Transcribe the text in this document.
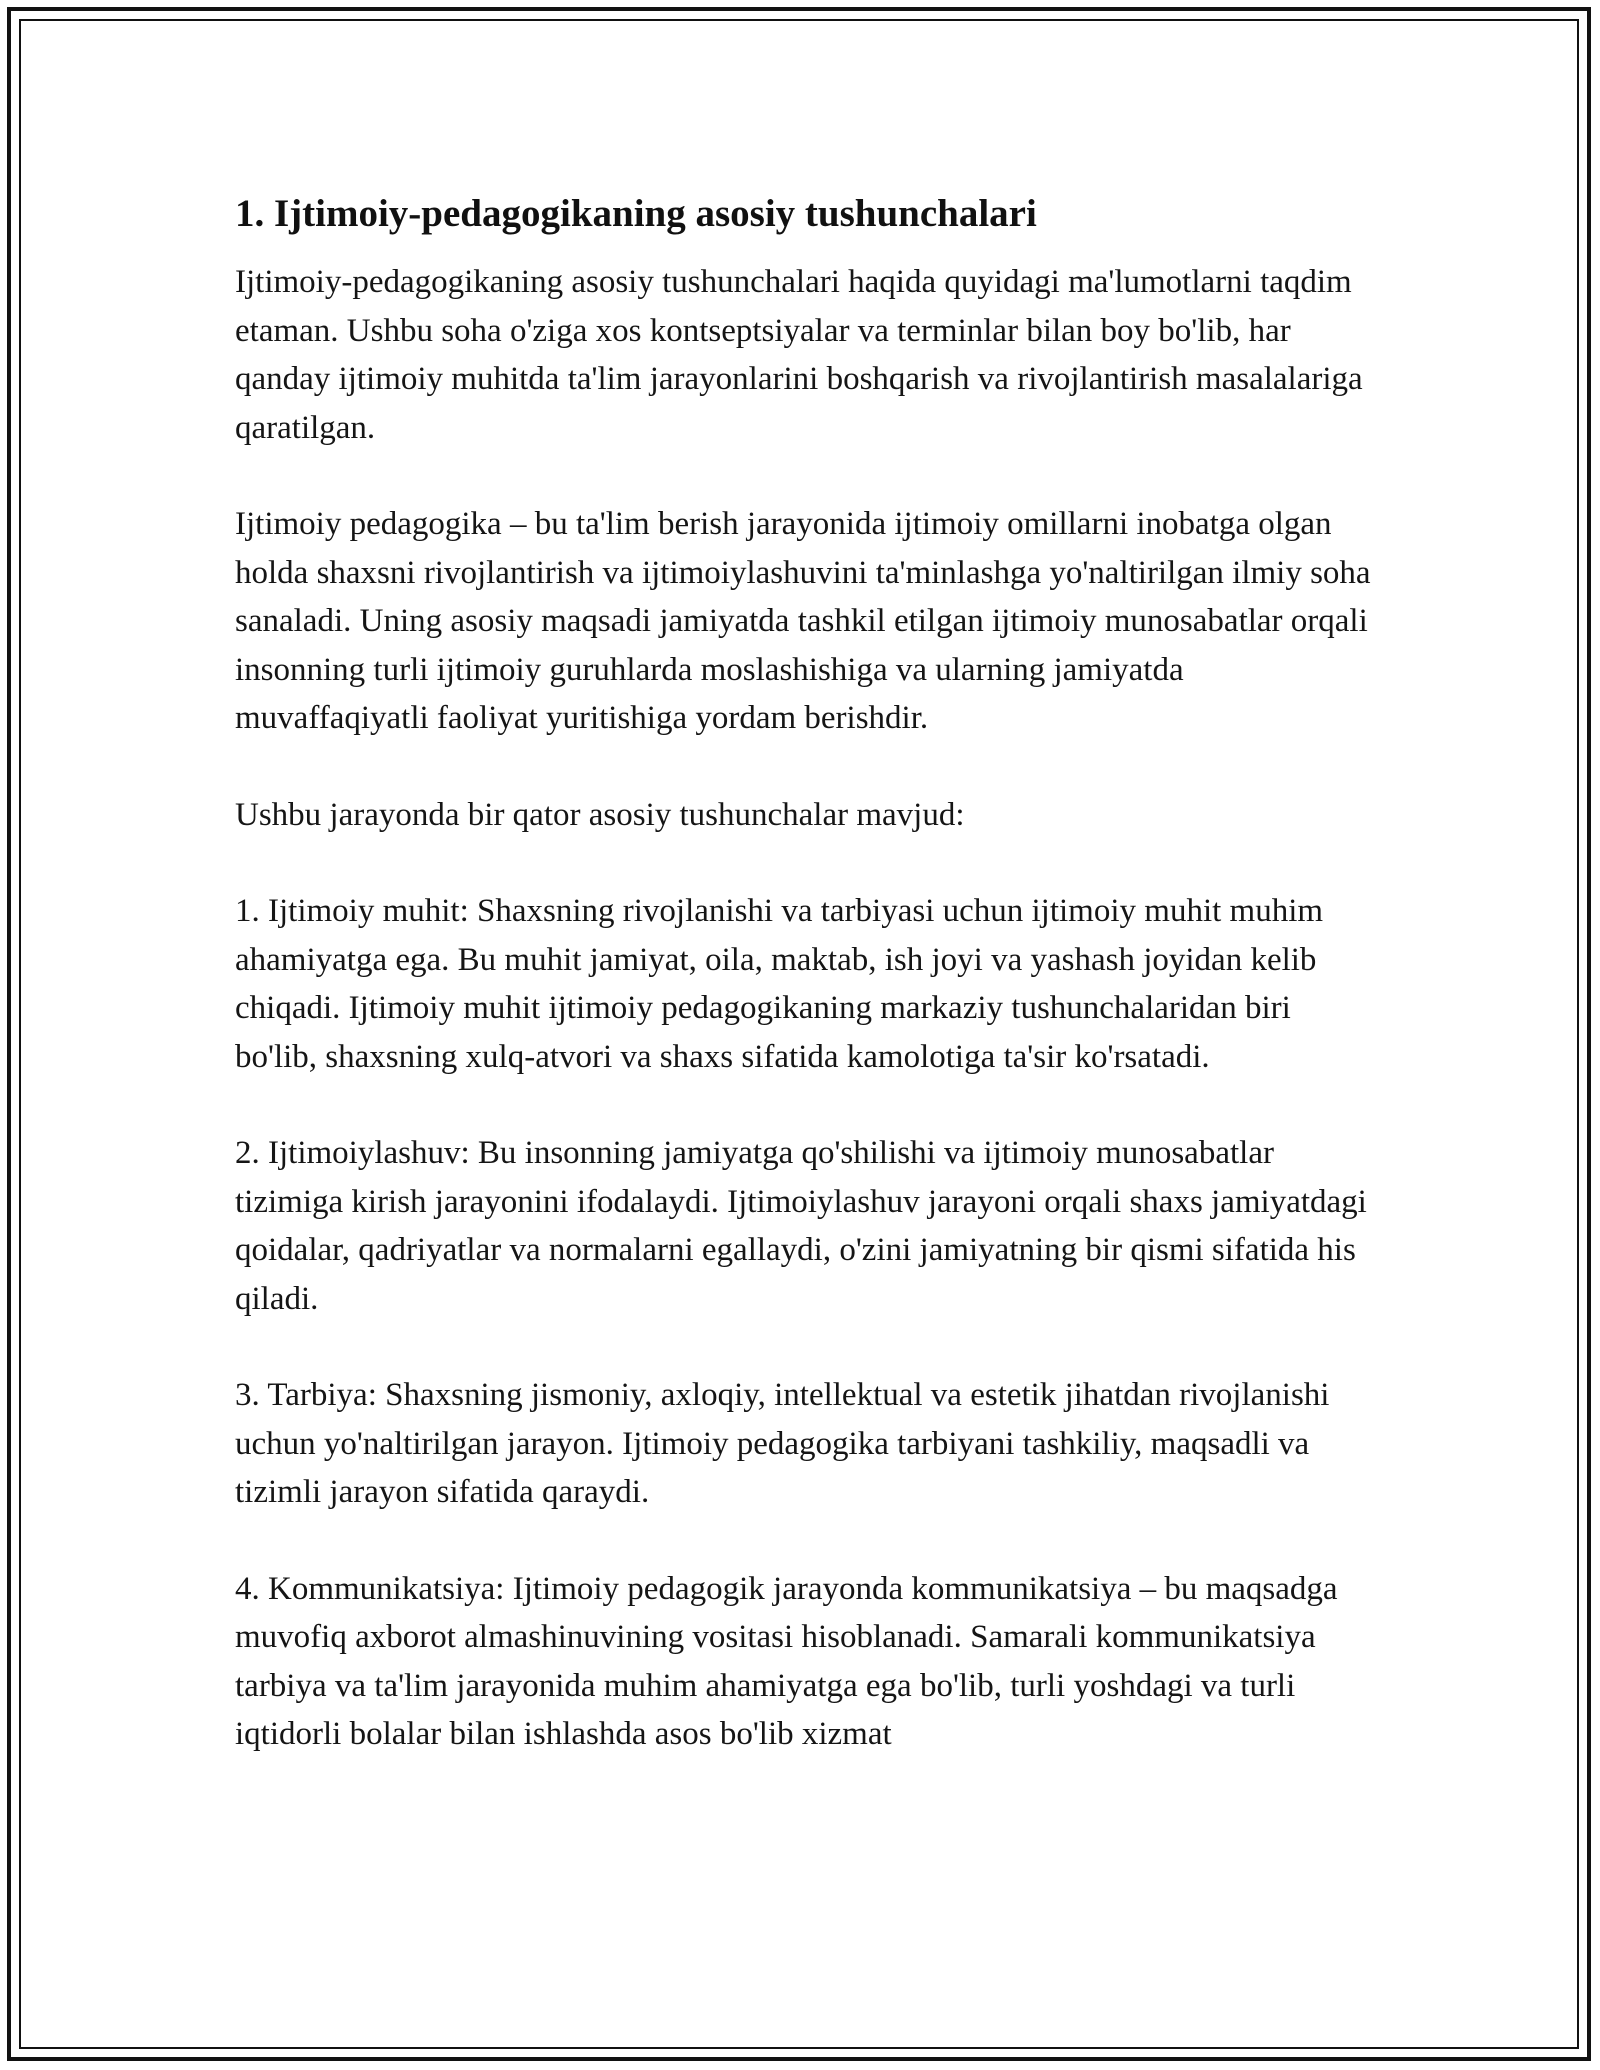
1. Ijtimoiy-pedagogikaning asosiy tushunchalari

Ijtimoiy-pedagogikaning asosiy tushunchalari haqida quyidagi ma'lumotlarni taqdim etaman. Ushbu soha o'ziga xos kontseptsiyalar va terminlar bilan boy bo'lib, har qanday ijtimoiy muhitda ta'lim jarayonlarini boshqarish va rivojlantirish masalalariga qaratilgan.

Ijtimoiy pedagogika – bu ta'lim berish jarayonida ijtimoiy omillarni inobatga olgan holda shaxsni rivojlantirish va ijtimoiylashuvini ta'minlashga yo'naltirilgan ilmiy soha sanaladi. Uning asosiy maqsadi jamiyatda tashkil etilgan ijtimoiy munosabatlar orqali insonning turli ijtimoiy guruhlarda moslashishiga va ularning jamiyatda muvaffaqiyatli faoliyat yuritishiga yordam berishdir.

Ushbu jarayonda bir qator asosiy tushunchalar mavjud:

1. Ijtimoiy muhit: Shaxsning rivojlanishi va tarbiyasi uchun ijtimoiy muhit muhim ahamiyatga ega. Bu muhit jamiyat, oila, maktab, ish joyi va yashash joyidan kelib chiqadi. Ijtimoiy muhit ijtimoiy pedagogikaning markaziy tushunchalaridan biri bo'lib, shaxsning xulq-atvori va shaxs sifatida kamolotiga ta'sir ko'rsatadi.

2. Ijtimoiylashuv: Bu insonning jamiyatga qo'shilishi va ijtimoiy munosabatlar tizimiga kirish jarayonini ifodalaydi. Ijtimoiylashuv jarayoni orqali shaxs jamiyatdagi qoidalar, qadriyatlar va normalarni egallaydi, o'zini jamiyatning bir qismi sifatida his qiladi.

3. Tarbiya: Shaxsning jismoniy, axloqiy, intellektual va estetik jihatdan rivojlanishi uchun yo'naltirilgan jarayon. Ijtimoiy pedagogika tarbiyani tashkiliy, maqsadli va tizimli jarayon sifatida qaraydi.

4. Kommunikatsiya: Ijtimoiy pedagogik jarayonda kommunikatsiya – bu maqsadga muvofiq axborot almashinuvining vositasi hisoblanadi. Samarali kommunikatsiya tarbiya va ta'lim jarayonida muhim ahamiyatga ega bo'lib, turli yoshdagi va turli iqtidorli bolalar bilan ishlashda asos bo'lib xizmat
